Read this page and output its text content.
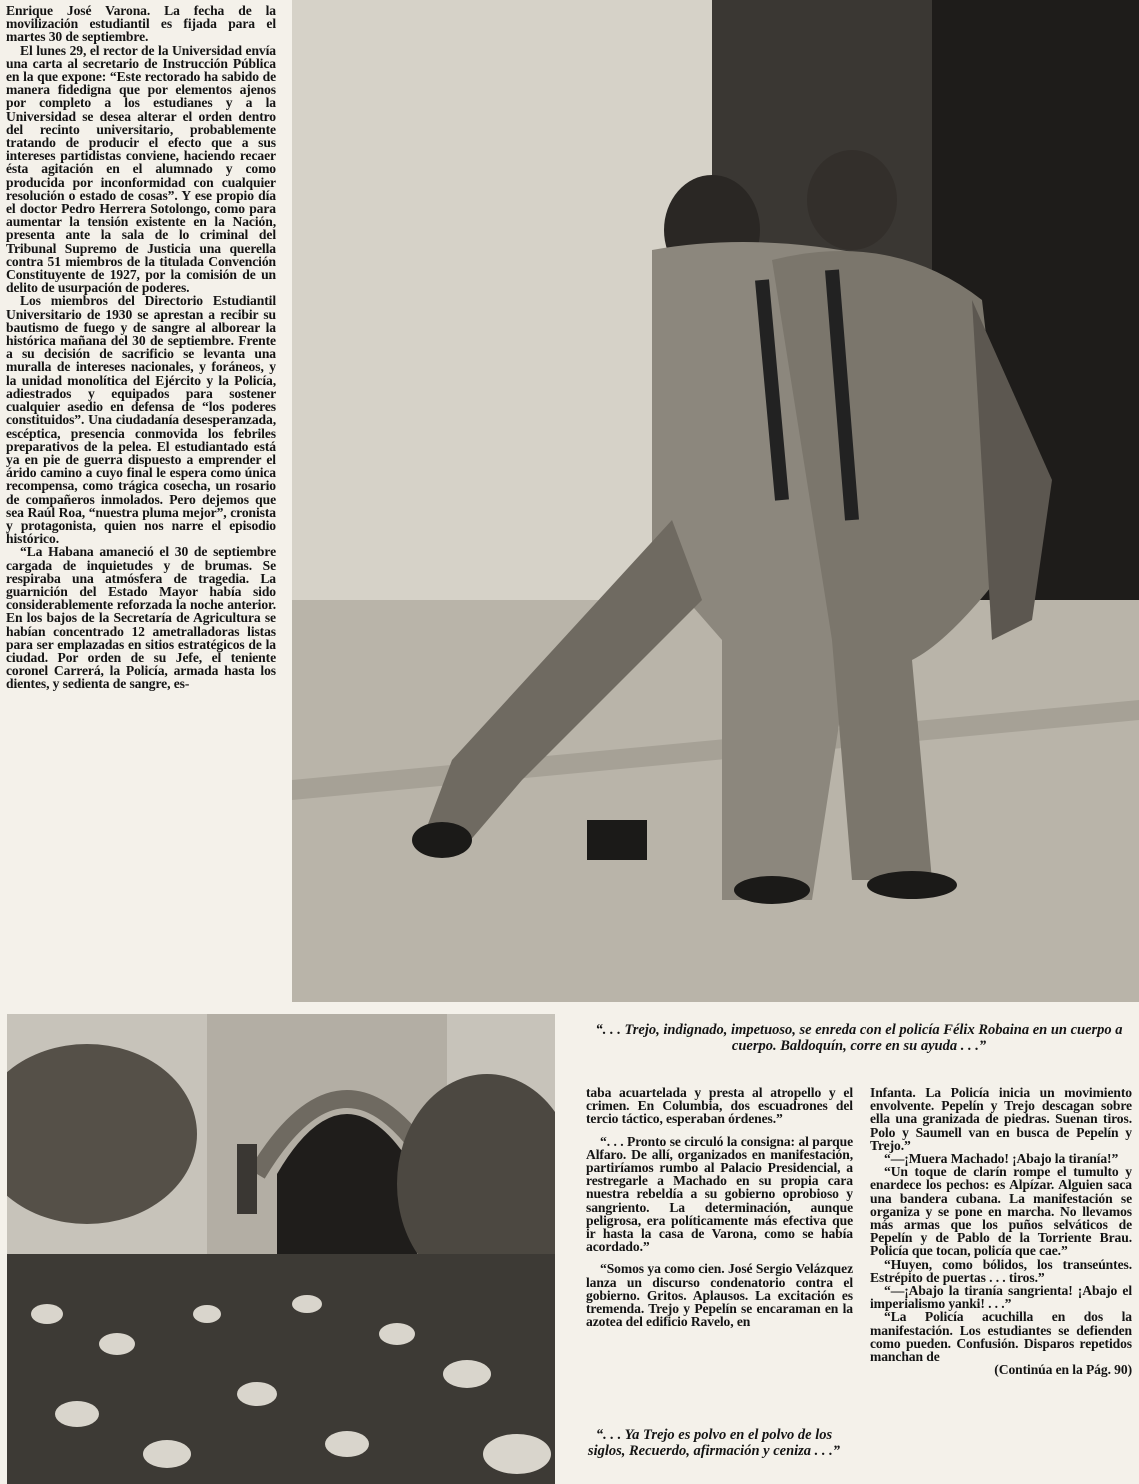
Enrique José Varona. La fecha de la movilización estudiantil es fijada para el martes 30 de septiembre.

El lunes 29, el rector de la Universidad envía una carta al secretario de Instrucción Pública en la que expone: “Este rectorado ha sabido de manera fidedigna que por elementos ajenos por completo a los estudianes y a la Universidad se desea alterar el orden dentro del recinto universitario, probablemente tratando de producir el efecto que a sus intereses partidistas conviene, haciendo recaer ésta agitación en el alumnado y como producida por inconformidad con cualquier resolución o estado de cosas”. Y ese propio día el doctor Pedro Herrera Sotolongo, como para aumentar la tensión existente en la Nación, presenta ante la sala de lo criminal del Tribunal Supremo de Justicia una querella contra 51 miembros de la titulada Convención Constituyente de 1927, por la comisión de un delito de usurpación de poderes.

Los miembros del Directorio Estudiantil Universitario de 1930 se aprestan a recibir su bautismo de fuego y de sangre al alborear la histórica mañana del 30 de septiembre. Frente a su decisión de sacrificio se levanta una muralla de intereses nacionales, y foráneos, y la unidad monolítica del Ejército y la Policía, adiestrados y equipados para sostener cualquier asedio en defensa de “los poderes constituidos”. Una ciudadanía desesperanzada, escéptica, presencia conmovida los febriles preparativos de la pelea. El estudiantado está ya en pie de guerra dispuesto a emprender el árido camino a cuyo final le espera como única recompensa, como trágica cosecha, un rosario de compañeros inmolados. Pero dejemos que sea Raúl Roa, “nuestra pluma mejor”, cronista y protagonista, quien nos narre el episodio histórico.

“La Habana amaneció el 30 de septiembre cargada de inquietudes y de brumas. Se respiraba una atmósfera de tragedia. La guarnición del Estado Mayor había sido considerablemente reforzada la noche anterior. En los bajos de la Secretaría de Agricultura se habían concentrado 12 ametralladoras listas para ser emplazadas en sitios estratégicos de la ciudad. Por orden de su Jefe, el teniente coronel Carrerá, la Policía, armada hasta los dientes, y sedienta de sangre, es-

“. . . Trejo, indignado, impetuoso, se enreda con el policía Félix Robaina en un cuerpo a cuerpo. Baldoquín, corre en su ayuda . . .”

taba acuartelada y presta al atropello y el crimen. En Columbia, dos escuadrones del tercio táctico, esperaban órdenes.”

“. . . Pronto se circuló la consigna: al parque Alfaro. De allí, organizados en manifestación, partiríamos rumbo al Palacio Presidencial, a restregarle a Machado en su propia cara nuestra rebeldía a su gobierno oprobioso y sangriento. La determinación, aunque peligrosa, era políticamente más efectiva que ir hasta la casa de Varona, como se había acordado.”

“Somos ya como cien. José Sergio Velázquez lanza un discurso condenatorio contra el gobierno. Gritos. Aplausos. La excitación es tremenda. Trejo y Pepelín se encaraman en la azotea del edificio Ravelo, en

“. . . Ya Trejo es polvo en el polvo de los siglos, Recuerdo, afirmación y ceniza . . .”

Infanta. La Policía inicia un movimiento envolvente. Pepelín y Trejo descagan sobre ella una granizada de piedras. Suenan tiros. Polo y Saumell van en busca de Pepelín y Trejo.”

“—¡Muera Machado! ¡Abajo la tiranía!”

“Un toque de clarín rompe el tumulto y enardece los pechos: es Alpízar. Alguien saca una bandera cubana. La manifestación se organiza y se pone en marcha. No llevamos más armas que los puños selváticos de Pepelín y de Pablo de la Torriente Brau. Policía que tocan, policía que cae.”

“Huyen, como bólidos, los transeúntes. Estrépito de puertas . . . tiros.”

“—¡Abajo la tiranía sangrienta! ¡Abajo el imperialismo yanki! . . .”

“La Policía acuchilla en dos la manifestación. Los estudiantes se defienden como pueden. Confusión. Disparos repetidos manchan de

(Continúa en la Pág. 90)
